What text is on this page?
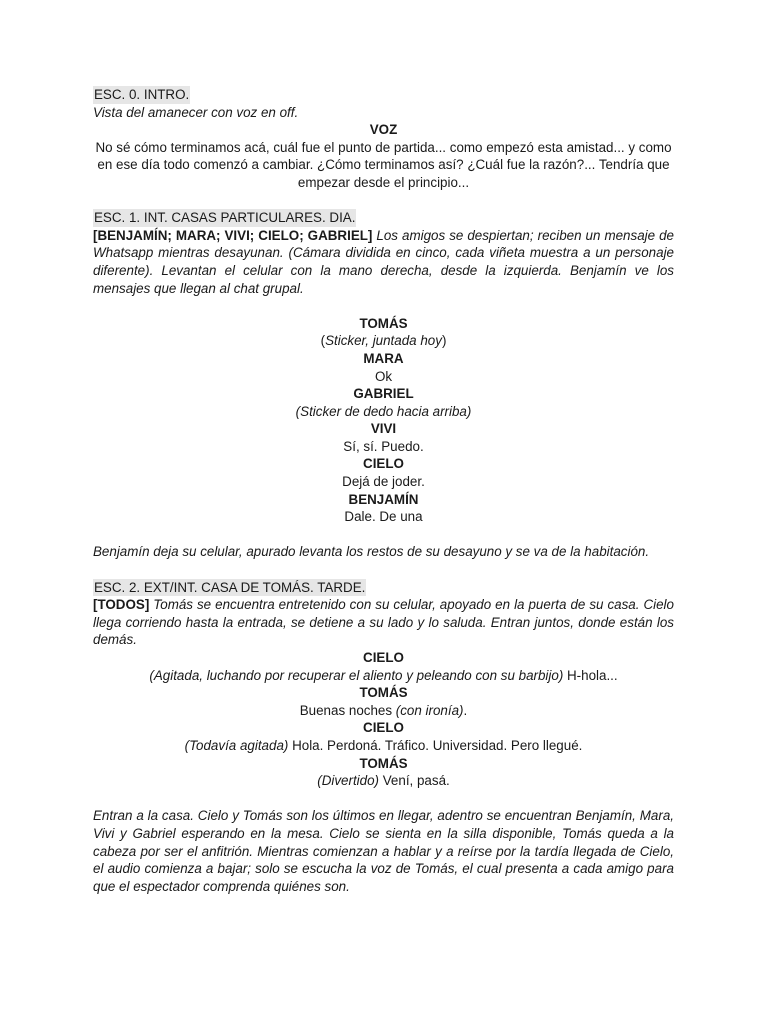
ESC. 0. INTRO.
Vista del amanecer con voz en off.
VOZ
No sé cómo terminamos acá, cuál fue el punto de partida... como empezó esta amistad... y como en ese día todo comenzó a cambiar. ¿Cómo terminamos así? ¿Cuál fue la razón?... Tendría que empezar desde el principio...
ESC. 1. INT. CASAS PARTICULARES. DIA.
[BENJAMÍN; MARA; VIVI; CIELO; GABRIEL] Los amigos se despiertan; reciben un mensaje de Whatsapp mientras desayunan. (Cámara dividida en cinco, cada viñeta muestra a un personaje diferente). Levantan el celular con la mano derecha, desde la izquierda. Benjamín ve los mensajes que llegan al chat grupal.
TOMÁS
(Sticker, juntada hoy)
MARA
Ok
GABRIEL
(Sticker de dedo hacia arriba)
VIVI
Sí, sí. Puedo.
CIELO
Dejá de joder.
BENJAMÍN
Dale. De una
Benjamín deja su celular, apurado levanta los restos de su desayuno y se va de la habitación.
ESC. 2. EXT/INT. CASA DE TOMÁS. TARDE.
[TODOS] Tomás se encuentra entretenido con su celular, apoyado en la puerta de su casa. Cielo llega corriendo hasta la entrada, se detiene a su lado y lo saluda. Entran juntos, donde están los demás.
CIELO
(Agitada, luchando por recuperar el aliento y peleando con su barbijo) H-hola...
TOMÁS
Buenas noches (con ironía).
CIELO
(Todavía agitada) Hola. Perdoná. Tráfico. Universidad. Pero llegué.
TOMÁS
(Divertido) Vení, pasá.
Entran a la casa. Cielo y Tomás son los últimos en llegar, adentro se encuentran Benjamín, Mara, Vivi y Gabriel esperando en la mesa. Cielo se sienta en la silla disponible, Tomás queda a la cabeza por ser el anfitrión. Mientras comienzan a hablar y a reírse por la tardía llegada de Cielo, el audio comienza a bajar; solo se escucha la voz de Tomás, el cual presenta a cada amigo para que el espectador comprenda quiénes son.
